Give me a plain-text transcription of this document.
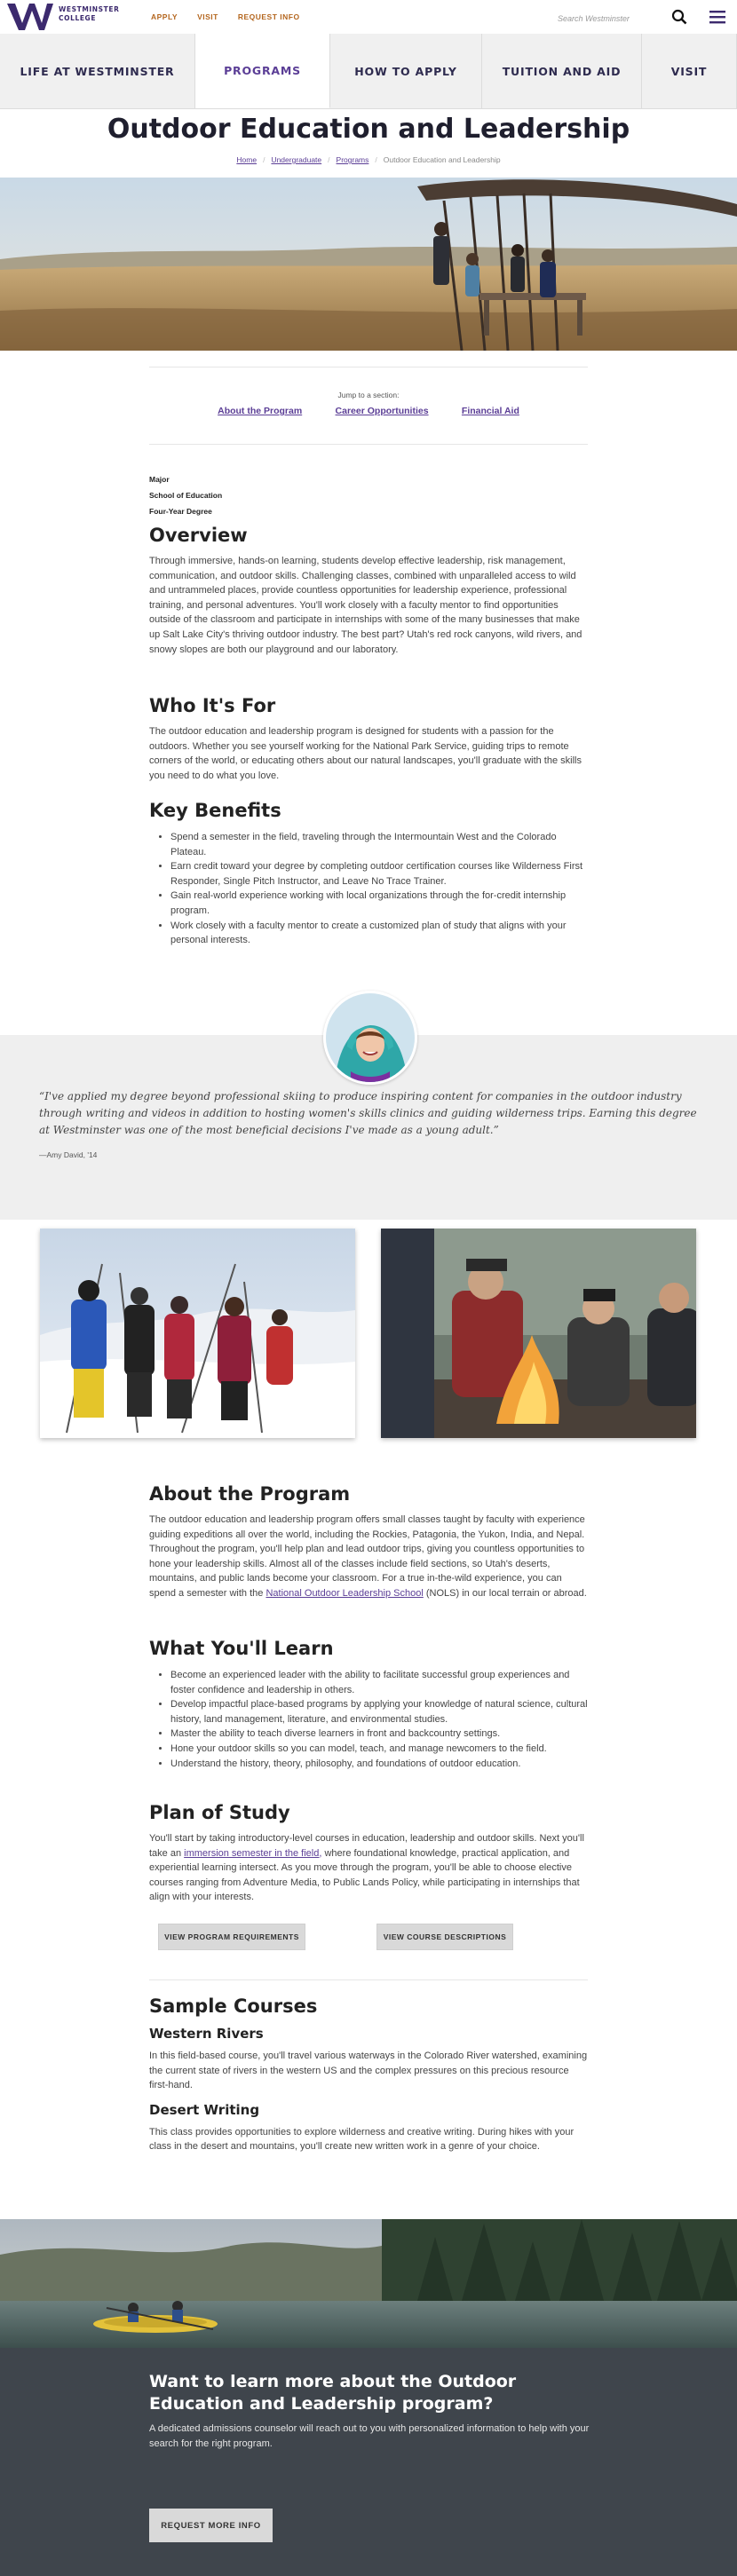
WESTMINSTER
COLLEGE	APPLY	VISIT	REQUEST INFO	Search Westminster
LIFE AT WESTMINSTER	PROGRAMS	HOW TO APPLY	TUITION AND AID	VISIT
Outdoor Education and Leadership
Home / Undergraduate / Programs / Outdoor Education and Leadership
Jump to a section:
About the Program	Career Opportunities	Financial Aid
Major
School of Education
Four-Year Degree
Overview

Through immersive, hands-on learning, students develop effective leadership, risk management, communication, and outdoor skills. Challenging classes, combined with unparalleled access to wild and untrammeled places, provide countless opportunities for leadership experience, professional training, and personal adventures. You'll work closely with a faculty mentor to find opportunities outside of the classroom and participate in internships with some of the many businesses that make up Salt Lake City's thriving outdoor industry. The best part? Utah's red rock canyons, wild rivers, and snowy slopes are both our playground and our laboratory.

Who It's For

The outdoor education and leadership program is designed for students with a passion for the outdoors. Whether you see yourself working for the National Park Service, guiding trips to remote corners of the world, or educating others about our natural landscapes, you'll graduate with the skills you need to do what you love.

Key Benefits
• Spend a semester in the field, traveling through the Intermountain West and the Colorado Plateau.
• Earn credit toward your degree by completing outdoor certification courses like Wilderness First Responder, Single Pitch Instructor, and Leave No Trace Trainer.
• Gain real-world experience working with local organizations through the for-credit internship program.
• Work closely with a faculty mentor to create a customized plan of study that aligns with your personal interests.

“I've applied my degree beyond professional skiing to produce inspiring content for companies in the outdoor industry through writing and videos in addition to hosting women's skills clinics and guiding wilderness trips. Earning this degree at Westminster was one of the most beneficial decisions I've made as a young adult.”

—Amy David, '14
About the Program

The outdoor education and leadership program offers small classes taught by faculty with experience guiding expeditions all over the world, including the Rockies, Patagonia, the Yukon, India, and Nepal. Throughout the program, you'll help plan and lead outdoor trips, giving you countless opportunities to hone your leadership skills. Almost all of the classes include field sections, so Utah's deserts, mountains, and public lands become your classroom. For a true in-the-wild experience, you can spend a semester with the National Outdoor Leadership School (NOLS) in our local terrain or abroad.

What You'll Learn
• Become an experienced leader with the ability to facilitate successful group experiences and foster confidence and leadership in others.
• Develop impactful place-based programs by applying your knowledge of natural science, cultural history, land management, literature, and environmental studies.
• Master the ability to teach diverse learners in front and backcountry settings.
• Hone your outdoor skills so you can model, teach, and manage newcomers to the field.
• Understand the history, theory, philosophy, and foundations of outdoor education.
Plan of Study

You'll start by taking introductory-level courses in education, leadership and outdoor skills. Next you'll take an immersion semester in the field, where foundational knowledge, practical application, and experiential learning intersect. As you move through the program, you'll be able to choose elective courses ranging from Adventure Media, to Public Lands Policy, while participating in internships that align with your interests.

VIEW PROGRAM REQUIREMENTS	VIEW COURSE DESCRIPTIONS
Sample Courses
Western Rivers

In this field-based course, you'll travel various waterways in the Colorado River watershed, examining the current state of rivers in the western US and the complex pressures on this precious resource first-hand.

Desert Writing

This class provides opportunities to explore wilderness and creative writing. During hikes with your class in the desert and mountains, you'll create new written work in a genre of your choice.

Want to learn more about the Outdoor Education and Leadership program?

A dedicated admissions counselor will reach out to you with personalized information to help with your search for the right program.

REQUEST MORE INFO
